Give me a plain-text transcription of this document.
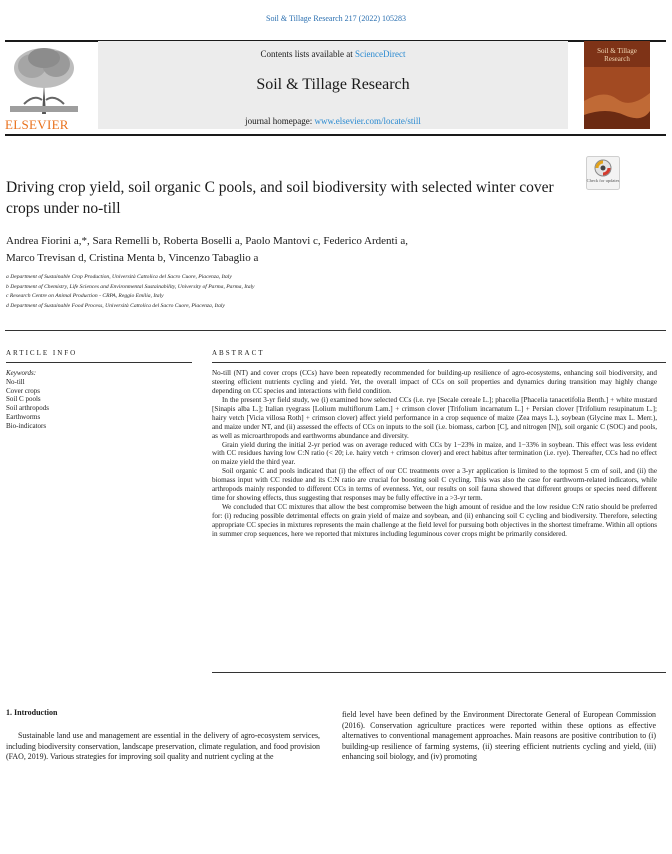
Soil & Tillage Research 217 (2022) 105283
ELSEVIER
Contents lists available at ScienceDirect
Soil & Tillage Research
journal homepage: www.elsevier.com/locate/still
Soil & Tillage Research
Check for updates
Driving crop yield, soil organic C pools, and soil biodiversity with selected winter cover crops under no-till
Andrea Fiorini a,*, Sara Remelli b, Roberta Boselli a, Paolo Mantovi c, Federico Ardenti a,
Marco Trevisan d, Cristina Menta b, Vincenzo Tabaglio a
a Department of Sustainable Crop Production, Università Cattolica del Sacro Cuore, Piacenza, Italy
b Department of Chemistry, Life Sciences and Environmental Sustainability, University of Parma, Parma, Italy
c Research Centre on Animal Production - CRPA, Reggio Emilia, Italy
d Department of Sustainable Food Process, Università Cattolica del Sacro Cuore, Piacenza, Italy
ARTICLE INFO	ABSTRACT
Keywords:
No-till
Cover crops
Soil C pools
Soil arthropods
Earthworms
Bio-indicators

No-till (NT) and cover crops (CCs) have been repeatedly recommended for building-up resilience of agro-ecosystems, enhancing soil biodiversity, and steering efficient nutrients cycling and yield. Yet, the overall impact of CCs on soil properties and dynamics during transition may highly change depending on CC species and interactions with field condition.

In the present 3-yr field study, we (i) examined how selected CCs (i.e. rye [Secale cereale L.]; phacelia [Phacelia tanacetifolia Benth.] + white mustard [Sinapis alba L.]; Italian ryegrass [Lolium multiflorum Lam.] + crimson clover [Trifolium incarnatum L.] + Persian clover [Trifolium resupinatum L.]; hairy vetch [Vicia villosa Roth] + crimson clover) affect yield performance in a crop sequence of maize (Zea mays L.), soybean (Glycine max L. Merr.), and maize under NT, and (ii) assessed the effects of CCs on inputs to the soil (i.e. biomass, carbon [C], and nitrogen [N]), soil organic C (SOC) and pools, as well as microarthropods and earthworms abundance and diversity.

Grain yield during the initial 2-yr period was on average reduced with CCs by 1−23% in maize, and 1−33% in soybean. This effect was less evident with CC residues having low C:N ratio (< 20; i.e. hairy vetch + crimson clover) and erect habitus after termination (i.e. rye). Thereafter, CCs had no effect on maize yield the third year.

Soil organic C and pools indicated that (i) the effect of our CC treatments over a 3-yr application is limited to the topmost 5 cm of soil, and (ii) the biomass input with CC residue and its C:N ratio are crucial for boosting soil C cycling. This was also the case for earthworm-related indicators, while arthropods mainly responded to different CCs in terms of evenness. Yet, our results on soil fauna showed that different groups or species need different time for showing effects, thus suggesting that responses may be fully effective in a >3-yr term.

We concluded that CC mixtures that allow the best compromise between the high amount of residue and the low residue C:N ratio should be preferred for: (i) reducing possible detrimental effects on grain yield of maize and soybean, and (ii) enhancing soil C cycling and biodiversity. Therefore, selecting appropriate CC species in mixtures represents the main challenge at the field level for pursuing both objectives in the shortest timeframe. Within all options in summer crop sequences, here we reported that mixtures including leguminous cover crops might be primarily considered.

1. Introduction

Sustainable land use and management are essential in the delivery of agro-ecosystem services, including biodiversity conservation, landscape preservation, climate regulation, and food provision (FAO, 2019). Various strategies for improving soil quality and nutrient cycling at the

field level have been defined by the Environment Directorate General of European Commission (2016). Conservation agriculture practices were reported within these options as effective alternatives to conventional management approaches. Main reasons are positive contribution to (i) building-up resilience of farming systems, (ii) steering efficient nutrients cycling and yield, (iii) enhancing soil biology, and (iv) promoting
